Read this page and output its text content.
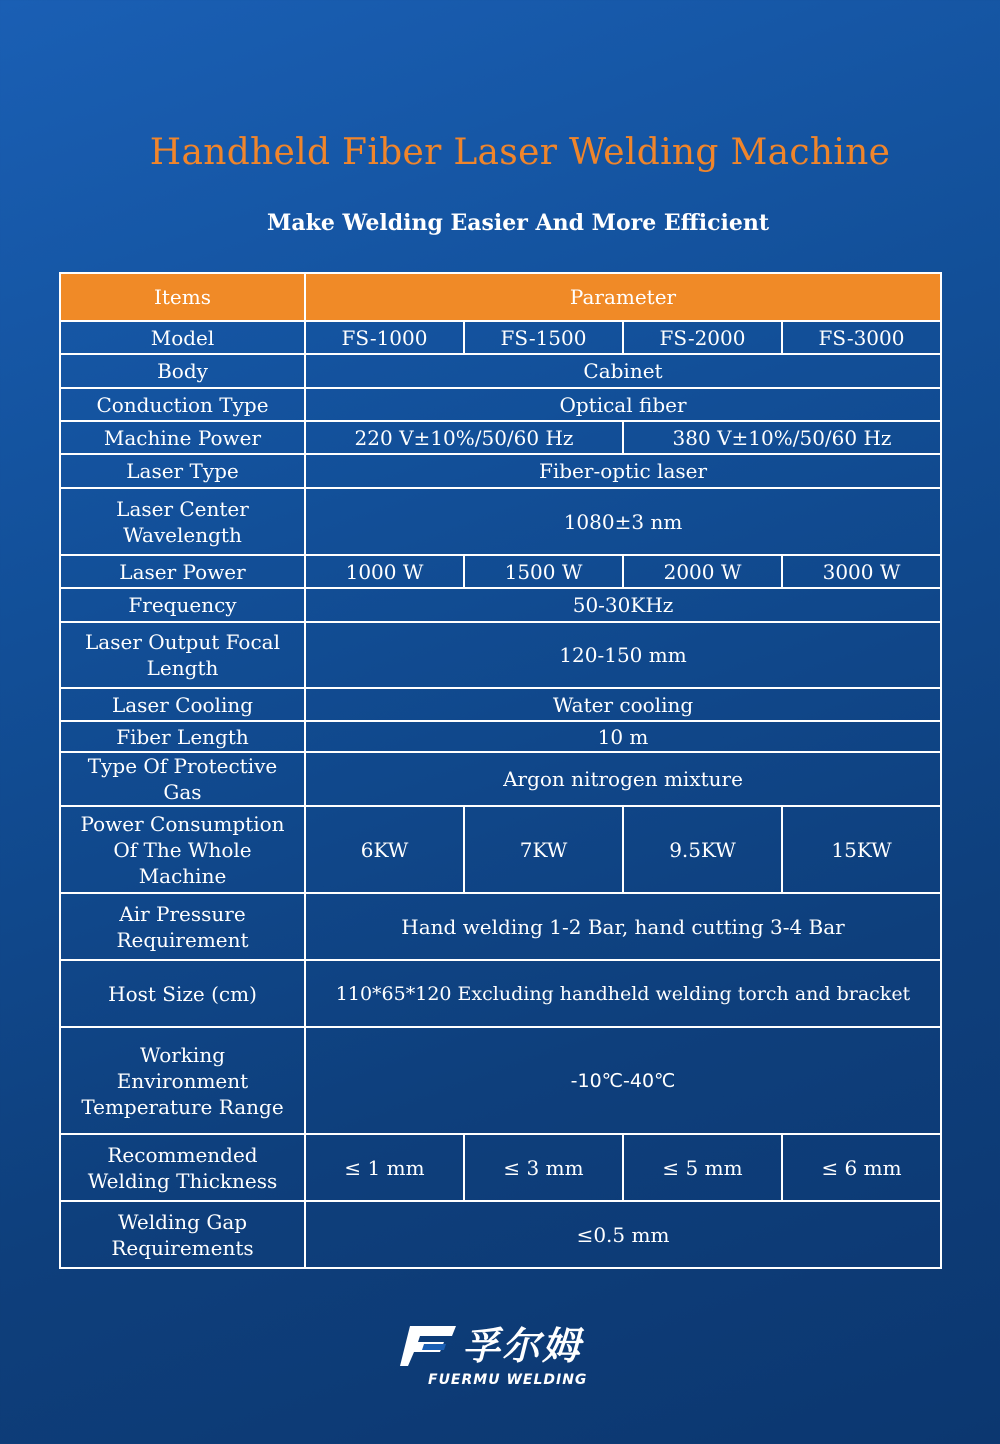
Handheld Fiber Laser Welding Machine
Make Welding Easier And More Efficient
Items	Parameter			
Model	FS-1000	FS-1500	FS-2000	FS-3000
Body	Cabinet			
Conduction Type	Optical fiber			
Machine Power	220 V±10%/50/60 Hz		380 V±10%/50/60 Hz	
Laser Type	Fiber-optic laser			
Laser Center Wavelength	1080±3 nm			
Laser Power	1000 W	1500 W	2000 W	3000 W
Frequency	50-30KHz			
Laser Output Focal Length	120-150 mm			
Laser Cooling	Water cooling			
Fiber Length	10 m			
Type Of Protective Gas	Argon nitrogen mixture			
Power Consumption Of The Whole Machine	6KW	7KW	9.5KW	15KW
Air Pressure Requirement	Hand welding 1-2 Bar, hand cutting 3-4 Bar			
Host Size (cm)	110*65*120 Excluding handheld welding torch and bracket			
Working Environment Temperature Range	-10℃-40℃			
Recommended Welding Thickness	≤ 1 mm	≤ 3 mm	≤ 5 mm	≤ 6 mm
Welding Gap Requirements	≤0.5 mm			
孚尔姆
FUERMU WELDING
